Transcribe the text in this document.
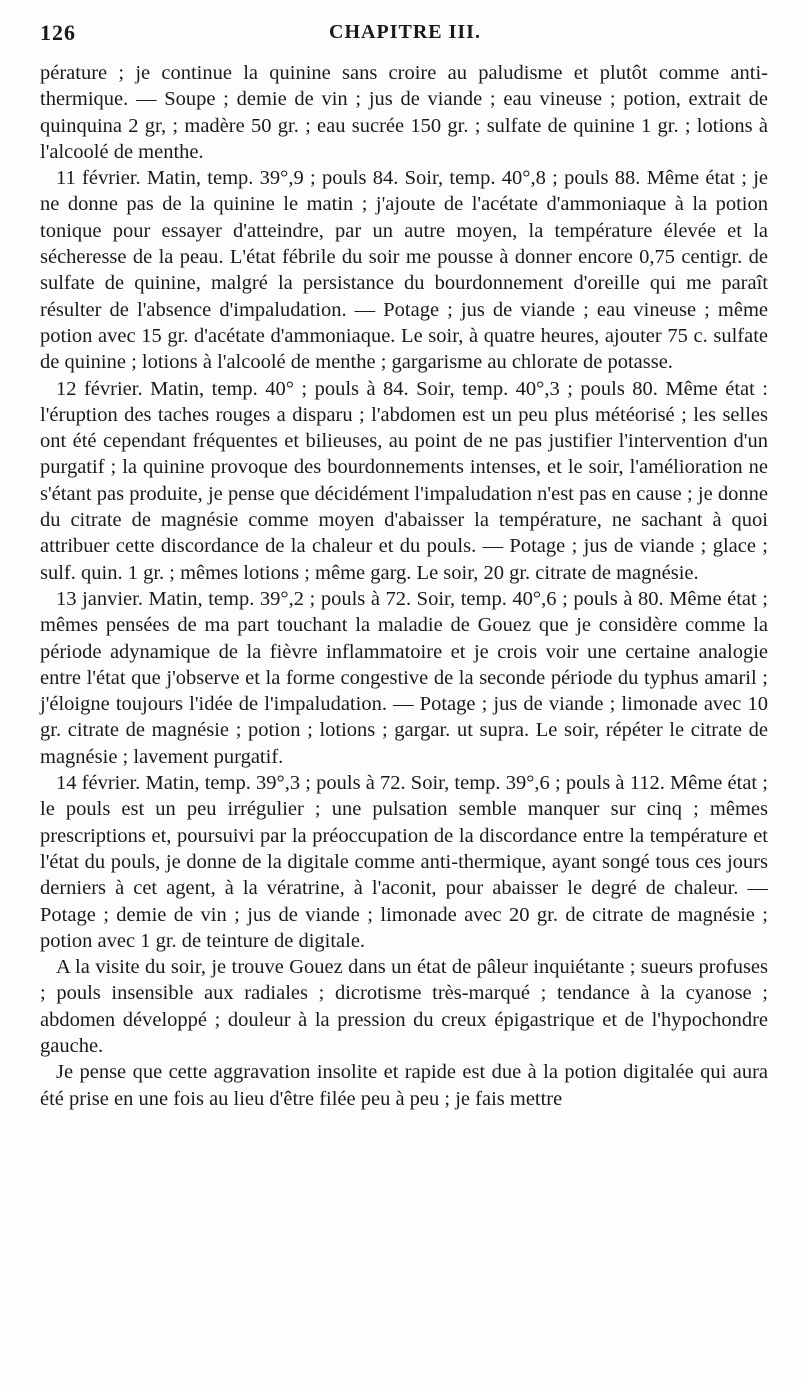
126	CHAPITRE III.

pérature ; je continue la quinine sans croire au paludisme et plutôt comme anti-thermique. — Soupe ; demie de vin ; jus de viande ; eau vineuse ; potion, extrait de quinquina 2 gr, ; madère 50 gr. ; eau sucrée 150 gr. ; sulfate de quinine 1 gr. ; lotions à l'alcoolé de menthe.

11 février. Matin, temp. 39°,9 ; pouls 84. Soir, temp. 40°,8 ; pouls 88. Même état ; je ne donne pas de la quinine le matin ; j'ajoute de l'acétate d'ammoniaque à la potion tonique pour essayer d'atteindre, par un autre moyen, la température élevée et la sécheresse de la peau. L'état fébrile du soir me pousse à donner encore 0,75 centigr. de sulfate de quinine, malgré la persistance du bourdonnement d'oreille qui me paraît résulter de l'absence d'impaludation. — Potage ; jus de viande ; eau vineuse ; même potion avec 15 gr. d'acétate d'ammoniaque. Le soir, à quatre heures, ajouter 75 c. sulfate de quinine ; lotions à l'alcoolé de menthe ; gargarisme au chlorate de potasse.

12 février. Matin, temp. 40° ; pouls à 84. Soir, temp. 40°,3 ; pouls 80. Même état : l'éruption des taches rouges a disparu ; l'abdomen est un peu plus météorisé ; les selles ont été cependant fréquentes et bilieuses, au point de ne pas justifier l'intervention d'un purgatif ; la quinine provoque des bourdonnements intenses, et le soir, l'amélioration ne s'étant pas produite, je pense que décidément l'impaludation n'est pas en cause ; je donne du citrate de magnésie comme moyen d'abaisser la température, ne sachant à quoi attribuer cette discordance de la chaleur et du pouls. — Potage ; jus de viande ; glace ; sulf. quin. 1 gr. ; mêmes lotions ; même garg. Le soir, 20 gr. citrate de magnésie.

13 janvier. Matin, temp. 39°,2 ; pouls à 72. Soir, temp. 40°,6 ; pouls à 80. Même état ; mêmes pensées de ma part touchant la maladie de Gouez que je considère comme la période adynamique de la fièvre inflammatoire et je crois voir une certaine analogie entre l'état que j'observe et la forme congestive de la seconde période du typhus amaril ; j'éloigne toujours l'idée de l'impaludation. — Potage ; jus de viande ; limonade avec 10 gr. citrate de magnésie ; potion ; lotions ; gargar. ut supra. Le soir, répéter le citrate de magnésie ; lavement purgatif.

14 février. Matin, temp. 39°,3 ; pouls à 72. Soir, temp. 39°,6 ; pouls à 112. Même état ; le pouls est un peu irrégulier ; une pulsation semble manquer sur cinq ; mêmes prescriptions et, poursuivi par la préoccupation de la discordance entre la température et l'état du pouls, je donne de la digitale comme anti-thermique, ayant songé tous ces jours derniers à cet agent, à la vératrine, à l'aconit, pour abaisser le degré de chaleur. — Potage ; demie de vin ; jus de viande ; limonade avec 20 gr. de citrate de magnésie ; potion avec 1 gr. de teinture de digitale.

A la visite du soir, je trouve Gouez dans un état de pâleur inquiétante ; sueurs profuses ; pouls insensible aux radiales ; dicrotisme très-marqué ; tendance à la cyanose ; abdomen développé ; douleur à la pression du creux épigastrique et de l'hypochondre gauche.

Je pense que cette aggravation insolite et rapide est due à la potion digitalée qui aura été prise en une fois au lieu d'être filée peu à peu ; je fais mettre
